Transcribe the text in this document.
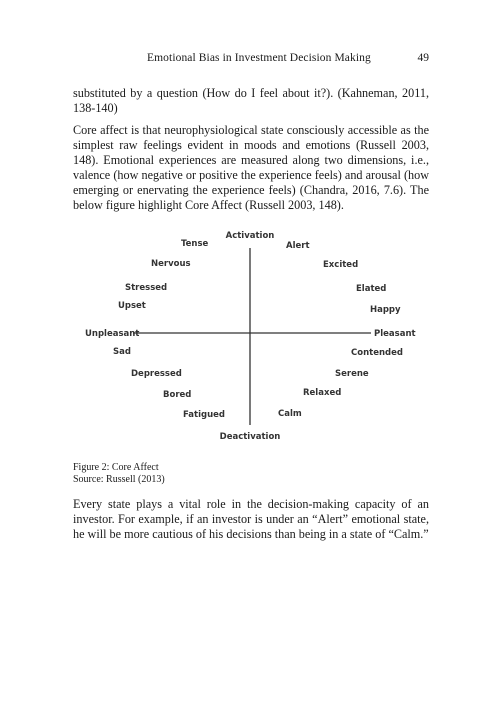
Emotional Bias in Investment Decision Making	49

substituted by a question (How do I feel about it?). (Kahneman, 2011, 138-140)

Core affect is that neurophysiological state consciously accessible as the simplest raw feelings evident in moods and emotions (Russell 2003, 148). Emotional experiences are measured along two dimensions, i.e., valence (how negative or positive the experience feels) and arousal (how emerging or enervating the experience feels) (Chandra, 2016, 7.6). The below figure highlight Core Affect (Russell 2003, 148).

Activation
Deactivation
Unpleasant	Pleasant
Tense	Alert
Nervous	Excited
Stressed	Elated
Upset	Happy
Sad	Contended
Depressed	Serene
Bored	Relaxed
Fatigued	Calm
Figure 2: Core Affect
Source: Russell (2013)

Every state plays a vital role in the decision-making capacity of an investor. For example, if an investor is under an “Alert” emotional state, he will be more cautious of his decisions than being in a state of “Calm.”
